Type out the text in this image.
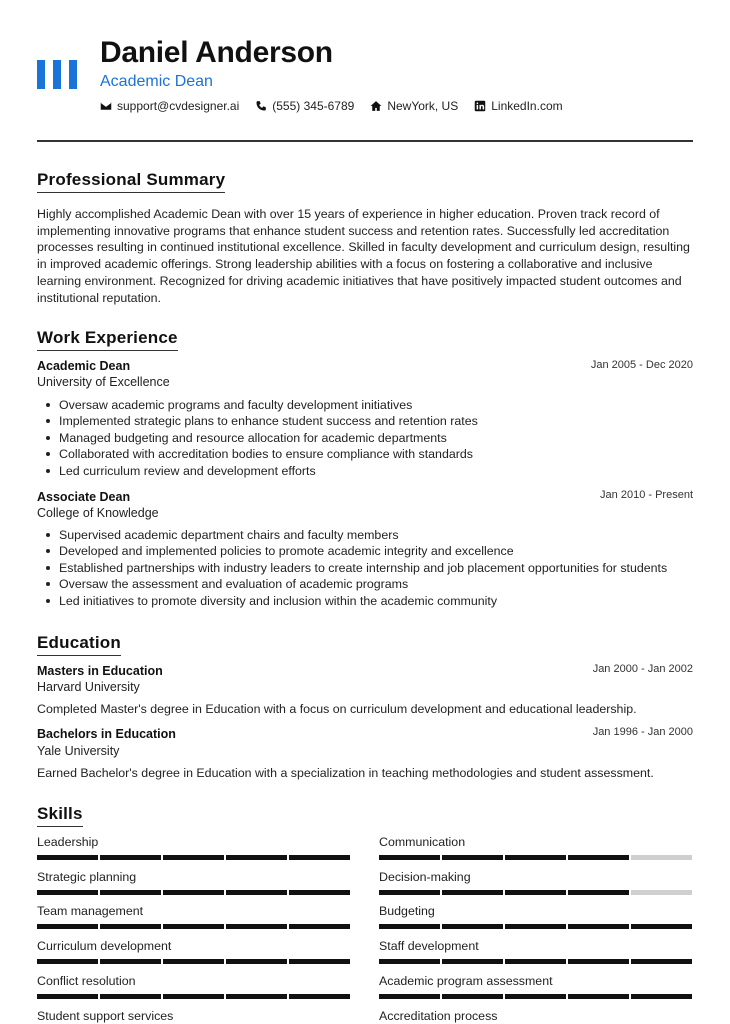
Daniel Anderson
Academic Dean
support@cvdesigner.ai	(555) 345-6789	NewYork, US	LinkedIn.com
Professional Summary

Highly accomplished Academic Dean with over 15 years of experience in higher education. Proven track record of implementing innovative programs that enhance student success and retention rates. Successfully led accreditation processes resulting in continued institutional excellence. Skilled in faculty development and curriculum design, resulting in improved academic offerings. Strong leadership abilities with a focus on fostering a collaborative and inclusive learning environment. Recognized for driving academic initiatives that have positively impacted student outcomes and institutional reputation.

Work Experience
Academic Dean	Jan 2005 - Dec 2020
University of Excellence
Oversaw academic programs and faculty development initiatives
Implemented strategic plans to enhance student success and retention rates
Managed budgeting and resource allocation for academic departments
Collaborated with accreditation bodies to ensure compliance with standards
Led curriculum review and development efforts
Associate Dean	Jan 2010 - Present
College of Knowledge
Supervised academic department chairs and faculty members
Developed and implemented policies to promote academic integrity and excellence
Established partnerships with industry leaders to create internship and job placement opportunities for students
Oversaw the assessment and evaluation of academic programs
Led initiatives to promote diversity and inclusion within the academic community
Education
Masters in Education	Jan 2000 - Jan 2002
Harvard University
Completed Master's degree in Education with a focus on curriculum development and educational leadership.
Bachelors in Education	Jan 1996 - Jan 2000
Yale University
Earned Bachelor's degree in Education with a specialization in teaching methodologies and student assessment.
Skills
Leadership	Communication
Strategic planning	Decision-making
Team management	Budgeting
Curriculum development	Staff development
Conflict resolution	Academic program assessment
Student support services	Accreditation process
